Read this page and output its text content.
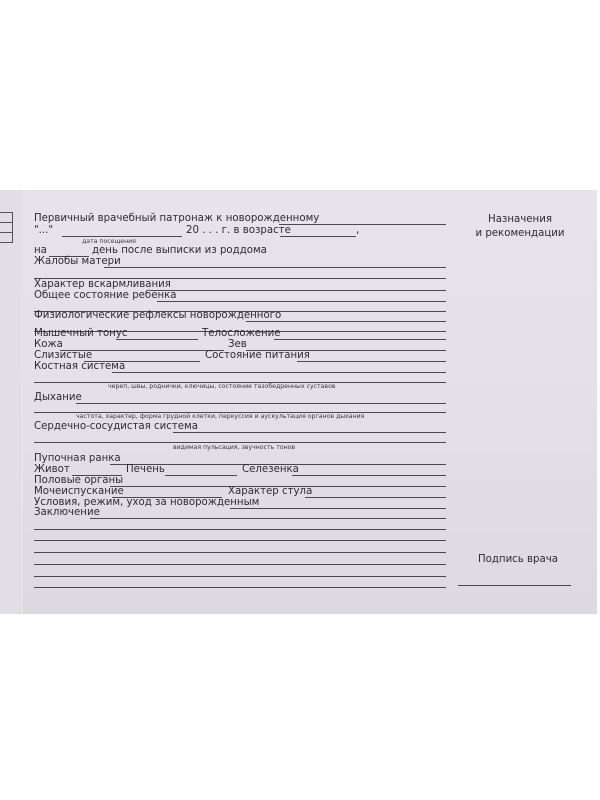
Первичный врачебный патронаж к новорожденному
"..."	20 . . . г. в возрасте	,
дата посещения
на	день после выписки из роддома
Жалобы матери
Характер вскармливания
Общее состояние ребенка
Физиологические рефлексы новорожденного
Мышечный тонус	Телосложение
Кожа	Зев
Слизистые	Состояние питания
Костная система
череп, швы, роднички, ключицы, состояние тазобедренных суставов
Дыхание
частота, характер, форма грудной клетки, перкуссия и аускультация органов дыхания
Сердечно-сосудистая система
видимая пульсация, звучность тонов
Пупочная ранка
Живот	Печень	Селезенка
Половые органы
Мочеиспускание	Характер стула
Условия, режим, уход за новорожденным
Заключение
Назначения
и рекомендации
Подпись врача
